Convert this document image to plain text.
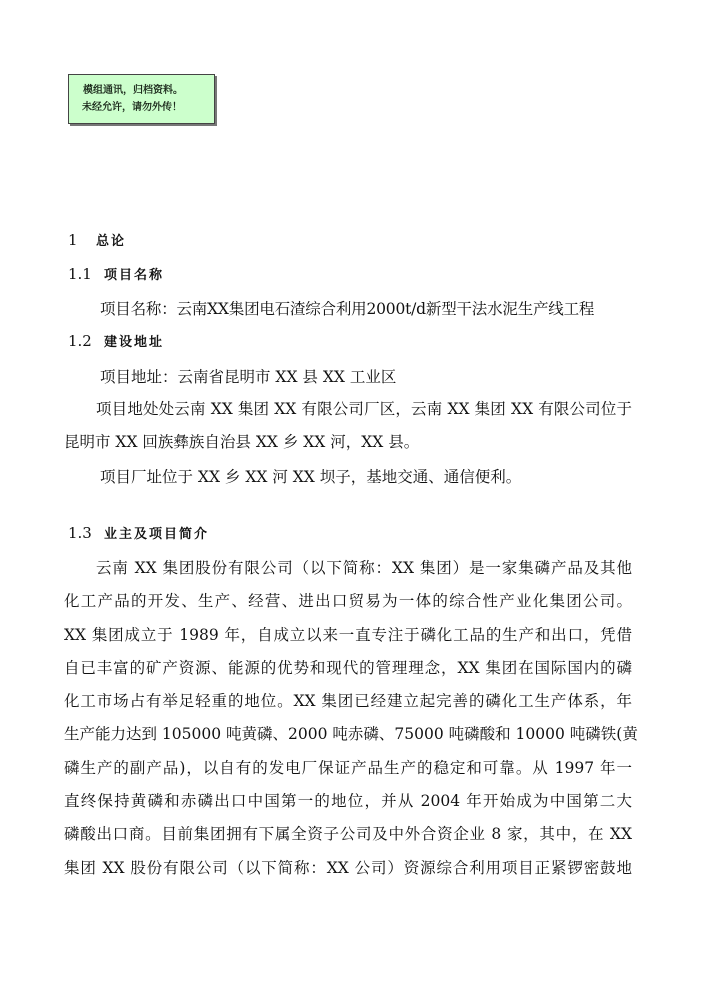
模组通讯，归档资料。
未经允许，请勿外传！
1 总论
1.1 项目名称
项目名称：云南XX集团电石渣综合利用2000t/d新型干法水泥生产线工程
1.2 建设地址
项目地址：云南省昆明市 XX 县 XX 工业区
项目地处处云南 XX 集团 XX 有限公司厂区，云南 XX 集团 XX 有限公司位于
昆明市 XX 回族彝族自治县 XX 乡 XX 河，XX 县。
项目厂址位于 XX 乡 XX 河 XX 坝子，基地交通、通信便利。
1.3 业主及项目简介
云南 XX 集团股份有限公司（以下简称：XX 集团）是一家集磷产品及其他
化工产品的开发、生产、经营、进出口贸易为一体的综合性产业化集团公司。
XX 集团成立于 1989 年，自成立以来一直专注于磷化工品的生产和出口，凭借
自已丰富的矿产资源、能源的优势和现代的管理理念，XX 集团在国际国内的磷
化工市场占有举足轻重的地位。XX 集团已经建立起完善的磷化工生产体系，年
生产能力达到 105000 吨黄磷、2000 吨赤磷、75000 吨磷酸和 10000 吨磷铁(黄
磷生产的副产品)，以自有的发电厂保证产品生产的稳定和可靠。从 1997 年一
直终保持黄磷和赤磷出口中国第一的地位，并从 2004 年开始成为中国第二大
磷酸出口商。目前集团拥有下属全资子公司及中外合资企业 8 家，其中，在 XX
集团 XX 股份有限公司（以下简称：XX 公司）资源综合利用项目正紧锣密鼓地
